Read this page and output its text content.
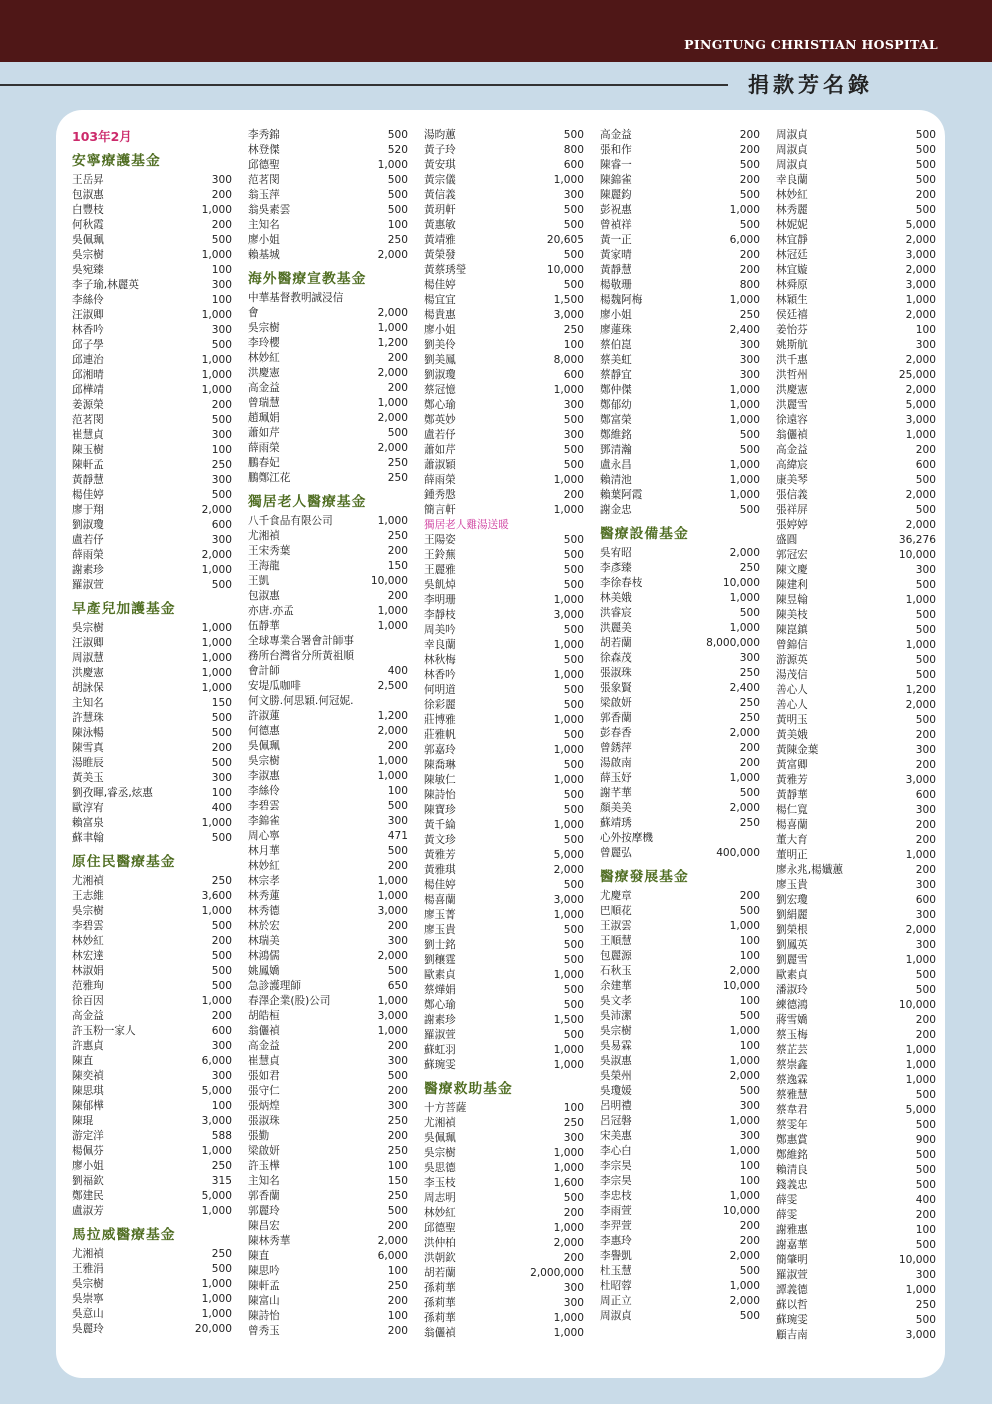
PINGTUNG CHRISTIAN HOSPITAL
捐款芳名錄
103年2月
安寧療護基金
王岳昇	300
包淑惠	200
白豐枝	1,000
何秋霞	200
吳佩珮	500
吳宗樹	1,000
吳宛臻	100
李子瑜,林麗英	300
李絲伶	100
汪淑卿	1,000
林香吟	300
邱子學	500
邱連治	1,000
邱湘晴	1,000
邱樺靖	1,000
姜源榮	200
范茗閔	500
崔慧貞	300
陳玉樹	100
陳軒孟	250
黃靜慧	300
楊佳婷	500
廖于翔	2,000
劉淑瓊	600
盧若伃	300
薛雨榮	2,000
謝素珍	1,000
羅淑萱	500
早產兒加護基金
吳宗樹	1,000
汪淑卿	1,000
周淑慧	1,000
洪慶憲	1,000
胡詠保	1,000
主知名	150
許慧珠	500
陳泳暢	500
陳雪真	200
湯睢辰	500
黃美玉	300
劉孜暉,睿丞,炫惠	100
歐淳宥	400
賴富泉	1,000
蘇聿翰	500
原住民醫療基金
尤湘禎	250
王志維	3,600
吳宗樹	1,000
李碧雲	500
林妙紅	200
林宏達	500
林淑娟	500
范雅珣	500
徐百因	1,000
高金益	200
許玉粉一家人	600
許惠貞	300
陳直	6,000
陳奕禎	300
陳思琪	5,000
陳郁樺	100
陳琨	3,000
游定洋	588
楊佩芬	1,000
廖小姐	250
劉福欽	315
鄭建民	5,000
盧淑芳	1,000
馬拉威醫療基金
尤湘禎	250
王雅涓	500
吳宗樹	1,000
吳崇寧	1,000
吳意山	1,000
吳麗玲	20,000
李秀錦	500
林登傑	520
邱德聖	1,000
范茗閔	500
翁玉萍	500
翁吳素雲	500
主知名	100
廖小姐	250
賴基城	2,000
海外醫療宣教基金
中華基督教明誠浸信
會	2,000
吳宗樹	1,000
李玲櫻	1,200
林妙紅	200
洪慶憲	2,000
高金益	200
曾瑞慧	1,000
趙珮娟	2,000
蕭如芹	500
薛雨榮	2,000
鵬春妃	250
鵬鄭江花	250
獨居老人醫療基金
八千食品有限公司	1,000
尤湘禎	250
王宋秀葉	200
王海龍	150
王凱	10,000
包淑惠	200
亦唐.亦孟	1,000
伍靜華	1,000
全球專業合署會計師事
務所台灣省分所黃祖順
會計師	400
安堤瓜咖啡	2,500
何文勝.何思穎.何冠妮.
許淑蓮	1,200
何德惠	2,000
吳佩珮	200
吳宗樹	1,000
李淑惠	1,000
李絲伶	100
李碧雲	500
李錦雀	300
周心寧	471
林月華	500
林妙紅	200
林宗孝	1,000
林秀蓮	1,000
林秀德	3,000
林於宏	200
林瑞美	300
林鴻儒	2,000
姚鳳嬌	500
急診護理師	650
春澤企業(股)公司	1,000
胡皓桓	3,000
翁儷禎	1,000
高金益	200
崔慧貞	300
張如君	500
張守仁	200
張炳煌	300
張淑珠	250
張勤	200
梁啟妍	250
許玉樺	100
主知名	150
郭香蘭	250
郭麗玲	500
陳昌宏	200
陳林秀華	2,000
陳直	6,000
陳思吟	100
陳軒孟	250
陳富山	200
陳詩怡	100
曾秀玉	200
湯昀蕙	500
黃子玲	800
黃安琪	600
黃宗儀	1,000
黃信義	300
黃玥軒	500
黃惠敏	500
黃靖雅	20,605
黃榮發	500
黃蔡琇瑩	10,000
楊佳婷	500
楊宜宜	1,500
楊貴惠	3,000
廖小姐	250
劉美伶	100
劉美鳳	8,000
劉淑瓊	600
蔡冠憶	1,000
鄭心瑜	300
鄭英妙	500
盧若伃	300
蕭如芹	500
蕭淑穎	500
薛雨榮	1,000
鍾秀慇	200
簡言軒	1,000
獨居老人雞湯送暖
王陽姿	500
王鈴蕪	500
王麗雅	500
吳飢焯	500
李明珊	1,000
李靜枝	3,000
周美吟	500
幸良蘭	1,000
林秋梅	500
林香吟	1,000
何明道	500
徐彩麗	500
莊博雅	1,000
莊雅帆	500
郭嘉玲	1,000
陳喬琳	500
陳敏仁	1,000
陳詩怡	500
陳寶珍	500
黃千綸	1,000
黃文珍	500
黃雅芳	5,000
黃雅琪	2,000
楊佳婷	500
楊喜蘭	3,000
廖玉菁	1,000
廖玉貴	500
劉士銘	500
劉穰霆	500
歐素貞	1,000
蔡燁娟	500
鄭心瑜	500
謝素珍	1,500
羅淑萱	500
蘇虹羽	1,000
蘇琬雯	1,000
醫療救助基金
十方菩薩	100
尤湘禎	250
吳佩珮	300
吳宗樹	1,000
吳思德	1,000
李玉枝	1,600
周志明	500
林妙紅	200
邱德聖	1,000
洪仲柏	2,000
洪朝欽	200
胡若蘭	2,000,000
孫莉華	300
孫莉華	300
孫莉華	1,000
翁儷禎	1,000
高金益	200
張和作	200
陳睿一	500
陳錦雀	200
陳麗鈞	500
彭祝惠	1,000
曾禎祥	500
黃一正	6,000
黃家晴	200
黃靜慧	200
楊敬珊	800
楊魏阿梅	1,000
廖小姐	250
廖蓮珠	2,400
蔡伯崑	300
蔡美虹	300
蔡靜宜	300
鄭仲傑	1,000
鄭郁幼	1,000
鄭富榮	1,000
鄭維銘	500
鄧清瀚	500
盧永昌	1,000
賴清池	1,000
賴葉阿霞	1,000
謝金忠	500
醫療設備基金
吳宥昭	2,000
李彥臻	250
李徐春枝	10,000
林美娥	1,000
洪睿宸	500
洪麗美	1,000
胡若蘭	8,000,000
徐森茂	300
張淑珠	250
張象賢	2,400
梁啟妍	250
郭香蘭	250
彭春香	2,000
曾銹萍	200
湯啟南	200
薛玉妤	1,000
謝芊華	500
顏美美	2,000
蘇靖琇	250
心外按摩機
曾麗弘	400,000
醫療發展基金
尤慶章	200
巴順花	500
王淑雲	1,000
王順慧	100
包麗源	100
石秋玉	2,000
余建華	10,000
吳文孝	100
吳沛潔	500
吳宗樹	1,000
吳易霖	100
吳淑惠	1,000
吳榮州	2,000
吳瓊媛	500
呂明禮	300
呂冠磐	1,000
宋美惠	300
李心白	1,000
李宗昊	100
李宗昊	100
李忠枝	1,000
李雨萱	10,000
李羿萱	200
李惠玲	200
李譽凱	2,000
杜玉慧	500
杜昭蓉	1,000
周正立	2,000
周淑貞	500
周淑貞	500
周淑貞	500
周淑貞	500
幸良蘭	500
林妙紅	200
林秀麗	500
林妮妮	5,000
林宜靜	2,000
林冠廷	3,000
林宜嫙	2,000
林舜原	3,000
林穎生	1,000
侯廷禧	2,000
姜怡芬	100
姚斯航	300
洪千惠	2,000
洪哲州	25,000
洪慶憲	2,000
洪麗雪	5,000
徐遠容	3,000
翁儷禎	1,000
高金益	200
高緯宸	600
康美琴	500
張信義	2,000
張祥屏	500
張婷婷	2,000
盛圓	36,276
郭冠宏	10,000
陳文慶	300
陳建利	500
陳昱翰	1,000
陳美枝	500
陳崑鎮	500
曾錦信	1,000
游源英	500
湯茂信	500
善心人	1,200
善心人	2,000
黃明玉	500
黃美娥	200
黃陳金葉	300
黃富卿	200
黃雅芳	3,000
黃靜華	600
楊仁寬	300
楊喜蘭	200
董大育	200
董明正	1,000
廖永兆,楊孅蕙	200
廖玉貴	300
劉宏瓊	600
劉絹麗	300
劉榮根	2,000
劉鳳英	300
劉麗雪	1,000
歐素貞	500
潘淑玲	500
練德鴻	10,000
蔣雪嬌	200
蔡玉梅	200
蔡芷芸	1,000
蔡崇鑫	1,000
蔡逸霖	1,000
蔡雅慧	500
蔡韋君	5,000
蔡雯年	500
鄭惠賞	900
鄭維銘	500
賴清良	500
錢義忠	500
薛雯	400
薛雯	200
謝雅惠	100
謝嘉華	500
簡肇明	10,000
羅淑萱	300
譚義德	1,000
蘇以哲	250
蘇琬雯	500
顧吉南	3,000
